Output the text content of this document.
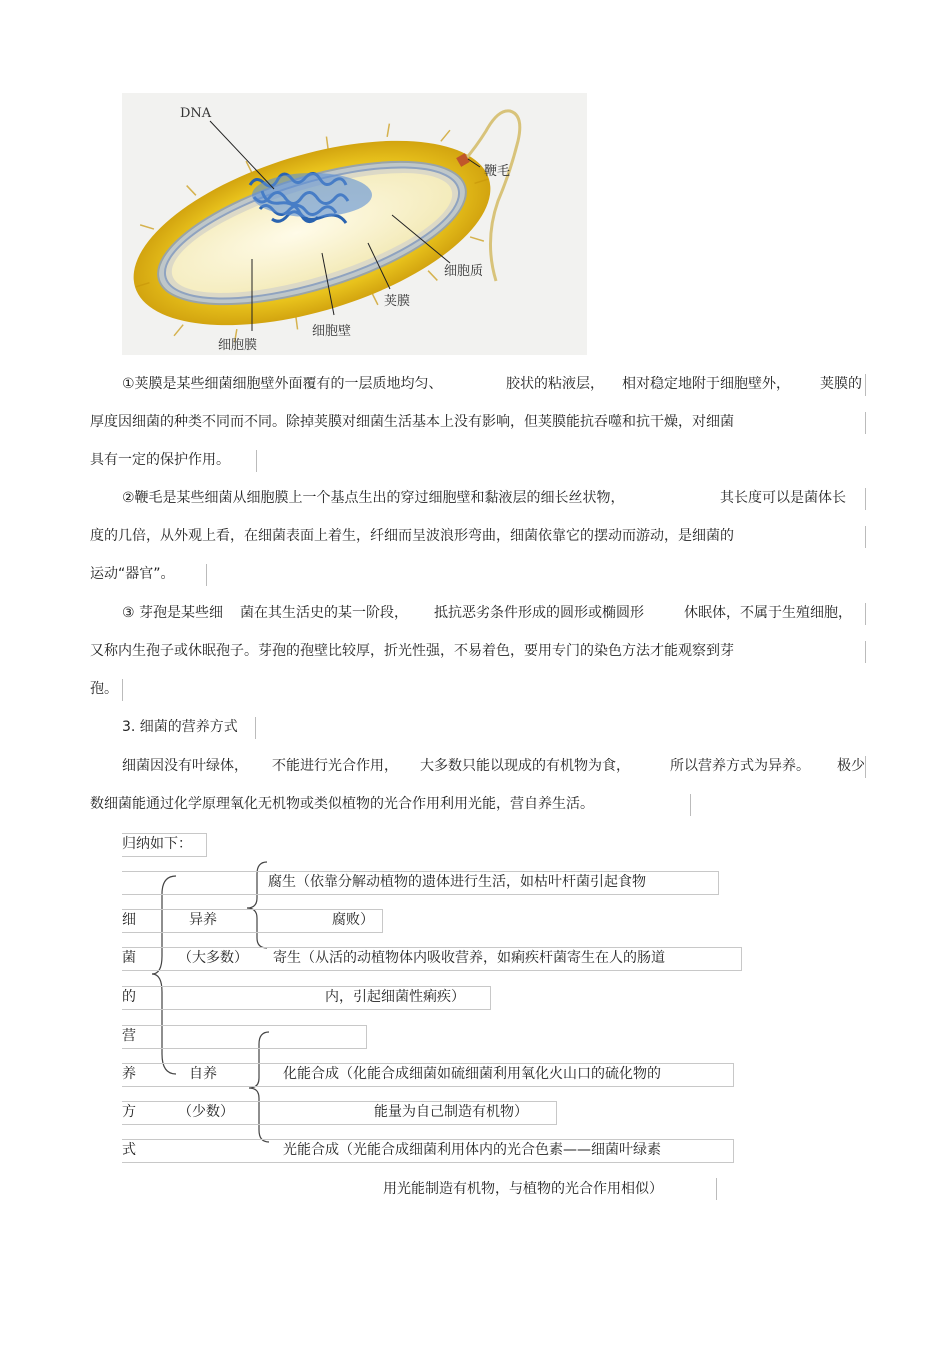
DNA
鞭毛
细胞质
荚膜
细胞壁
细胞膜
①荚膜是某些细菌细胞壁外面覆有的一层质地均匀、	胶状的粘液层， 相对稳定地附于细胞壁外， 荚膜的
厚度因细菌的种类不同而不同。除掉荚膜对细菌生活基本上没有影响，但荚膜能抗吞噬和抗干燥，对细菌
具有一定的保护作用。
②鞭毛是某些细菌从细胞膜上一个基点生出的穿过细胞壁和黏液层的细长丝状物，	其长度可以是菌体长
度的几倍，从外观上看，在细菌表面上着生，纤细而呈波浪形弯曲，细菌依靠它的摆动而游动，是细菌的
运动“器官”。
③ 芽孢是某些细 菌在其生活史的某一阶段， 抵抗恶劣条件形成的圆形或椭圆形	休眠体，不属于生殖细胞，
又称内生孢子或休眠孢子。芽孢的孢壁比较厚，折光性强，不易着色，要用专门的染色方法才能观察到芽
孢。
3. 细菌的营养方式
细菌因没有叶绿体， 不能进行光合作用， 大多数只能以现成的有机物为食，	所以营养方式为异养。 极少
数细菌能通过化学原理氧化无机物或类似植物的光合作用利用光能，营自养生活。
归纳如下：
细
菌
的
营
养
方
式
腐生（依靠分解动植物的遗体进行生活，如枯叶杆菌引起食物
异养	腐败）
（大多数） 寄生（从活的动植物体内吸收营养，如痢疾杆菌寄生在人的肠道
内，引起细菌性痢疾）
自养	化能合成（化能合成细菌如硫细菌利用氧化火山口的硫化物的
（少数）	能量为自己制造有机物）
光能合成（光能合成细菌利用体内的光合色素——细菌叶绿素
用光能制造有机物，与植物的光合作用相似）
